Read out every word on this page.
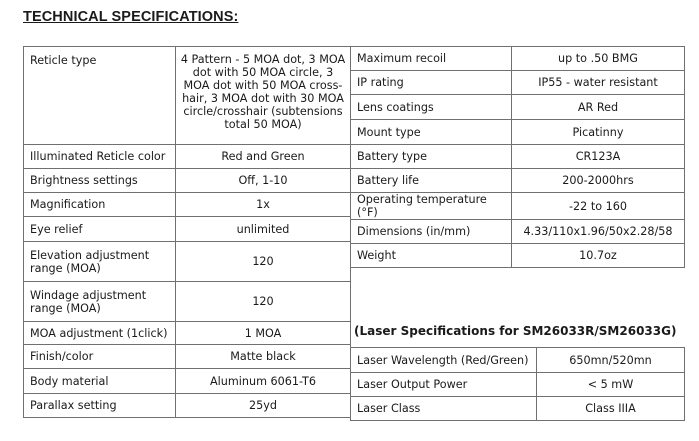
TECHNICAL SPECIFICATIONS:
Reticle type	4 Pattern - 5 MOA dot, 3 MOA dot with 50 MOA circle, 3 MOA dot with 50 MOA cross-hair, 3 MOA dot with 30 MOA circle/crosshair (subtensions total 50 MOA)
Illuminated Reticle color	Red and Green
Brightness settings	Off, 1-10
Magnification	1x
Eye relief	unlimited
Elevation adjustment range (MOA)	120
Windage adjustment range (MOA)	120
MOA adjustment (1click)	1 MOA
Finish/color	Matte black
Body material	Aluminum 6061-T6
Parallax setting	25yd
Maximum recoil	up to .50 BMG
IP rating	IP55 - water resistant
Lens coatings	AR Red
Mount type	Picatinny
Battery type	CR123A
Battery life	200-2000hrs
Operating temperature (°F)	-22 to 160
Dimensions (in/mm)	4.33/110x1.96/50x2.28/58
Weight	10.7oz
(Laser Specifications for SM26033R/SM26033G)
Laser Wavelength (Red/Green)	650mn/520mn
Laser Output Power	< 5 mW
Laser Class	Class IIIA
